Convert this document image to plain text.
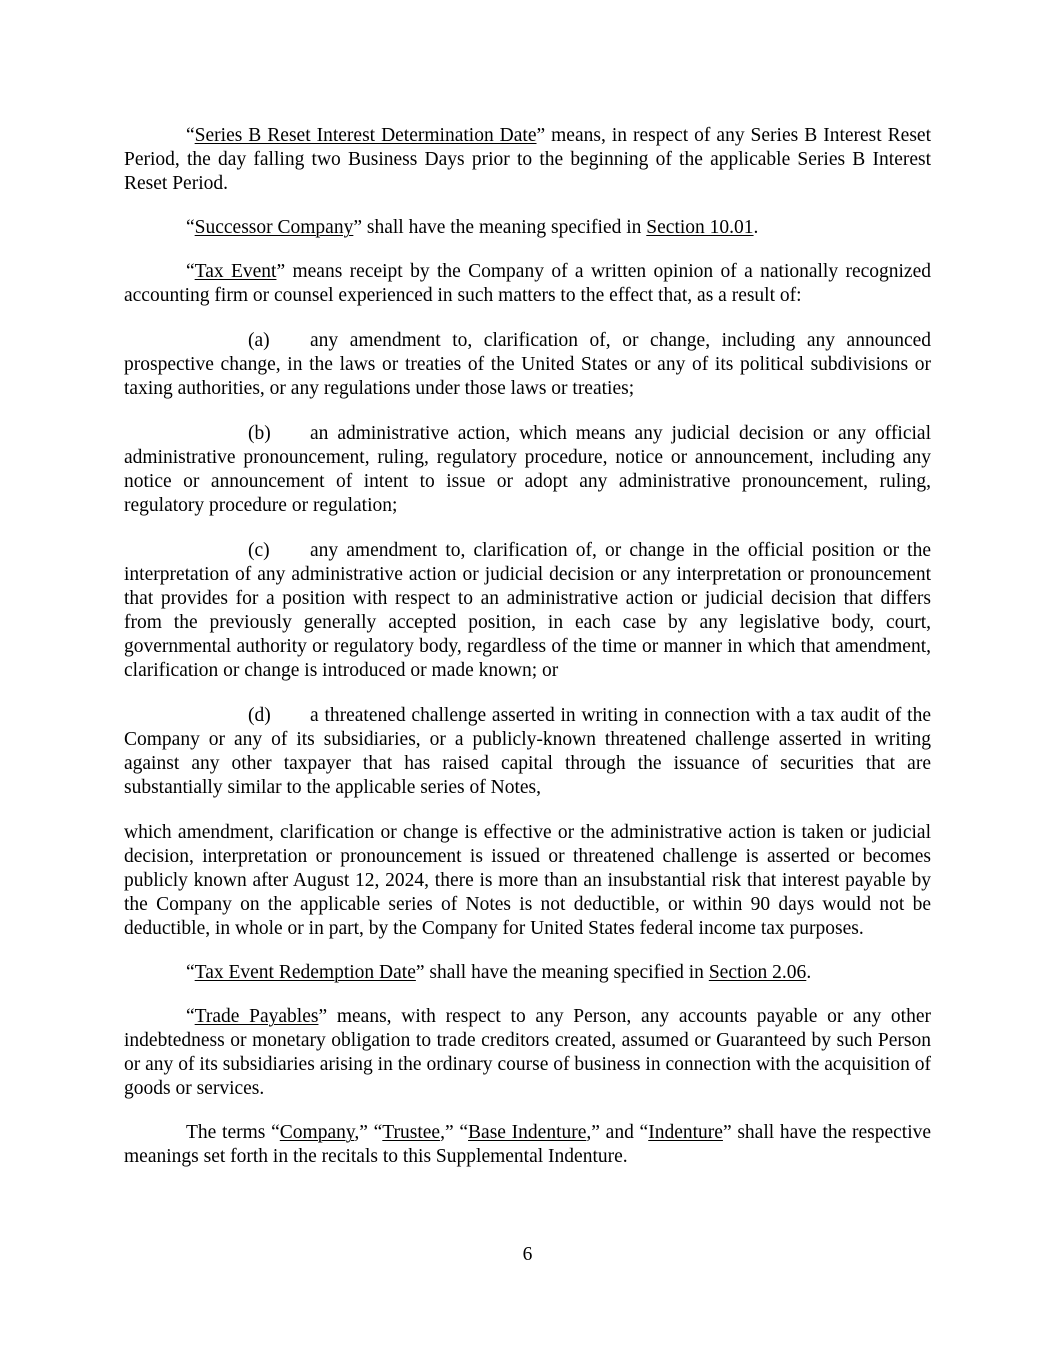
“Series B Reset Interest Determination Date” means, in respect of any Series B Interest Reset Period, the day falling two Business Days prior to the beginning of the applicable Series B Interest Reset Period.

“Successor Company” shall have the meaning specified in Section 10.01.

“Tax Event” means receipt by the Company of a written opinion of a nationally recognized accounting firm or counsel experienced in such matters to the effect that, as a result of:

(a) any amendment to, clarification of, or change, including any announced prospective change, in the laws or treaties of the United States or any of its political subdivisions or taxing authorities, or any regulations under those laws or treaties;

(b) an administrative action, which means any judicial decision or any official administrative pronouncement, ruling, regulatory procedure, notice or announcement, including any notice or announcement of intent to issue or adopt any administrative pronouncement, ruling, regulatory procedure or regulation;

(c) any amendment to, clarification of, or change in the official position or the interpretation of any administrative action or judicial decision or any interpretation or pronouncement that provides for a position with respect to an administrative action or judicial decision that differs from the previously generally accepted position, in each case by any legislative body, court, governmental authority or regulatory body, regardless of the time or manner in which that amendment, clarification or change is introduced or made known; or

(d) a threatened challenge asserted in writing in connection with a tax audit of the Company or any of its subsidiaries, or a publicly-known threatened challenge asserted in writing against any other taxpayer that has raised capital through the issuance of securities that are substantially similar to the applicable series of Notes,

which amendment, clarification or change is effective or the administrative action is taken or judicial decision, interpretation or pronouncement is issued or threatened challenge is asserted or becomes publicly known after August 12, 2024, there is more than an insubstantial risk that interest payable by the Company on the applicable series of Notes is not deductible, or within 90 days would not be deductible, in whole or in part, by the Company for United States federal income tax purposes.

“Tax Event Redemption Date” shall have the meaning specified in Section 2.06.

“Trade Payables” means, with respect to any Person, any accounts payable or any other indebtedness or monetary obligation to trade creditors created, assumed or Guaranteed by such Person or any of its subsidiaries arising in the ordinary course of business in connection with the acquisition of goods or services.

The terms “Company,” “Trustee,” “Base Indenture,” and “Indenture” shall have the respective meanings set forth in the recitals to this Supplemental Indenture.

6
